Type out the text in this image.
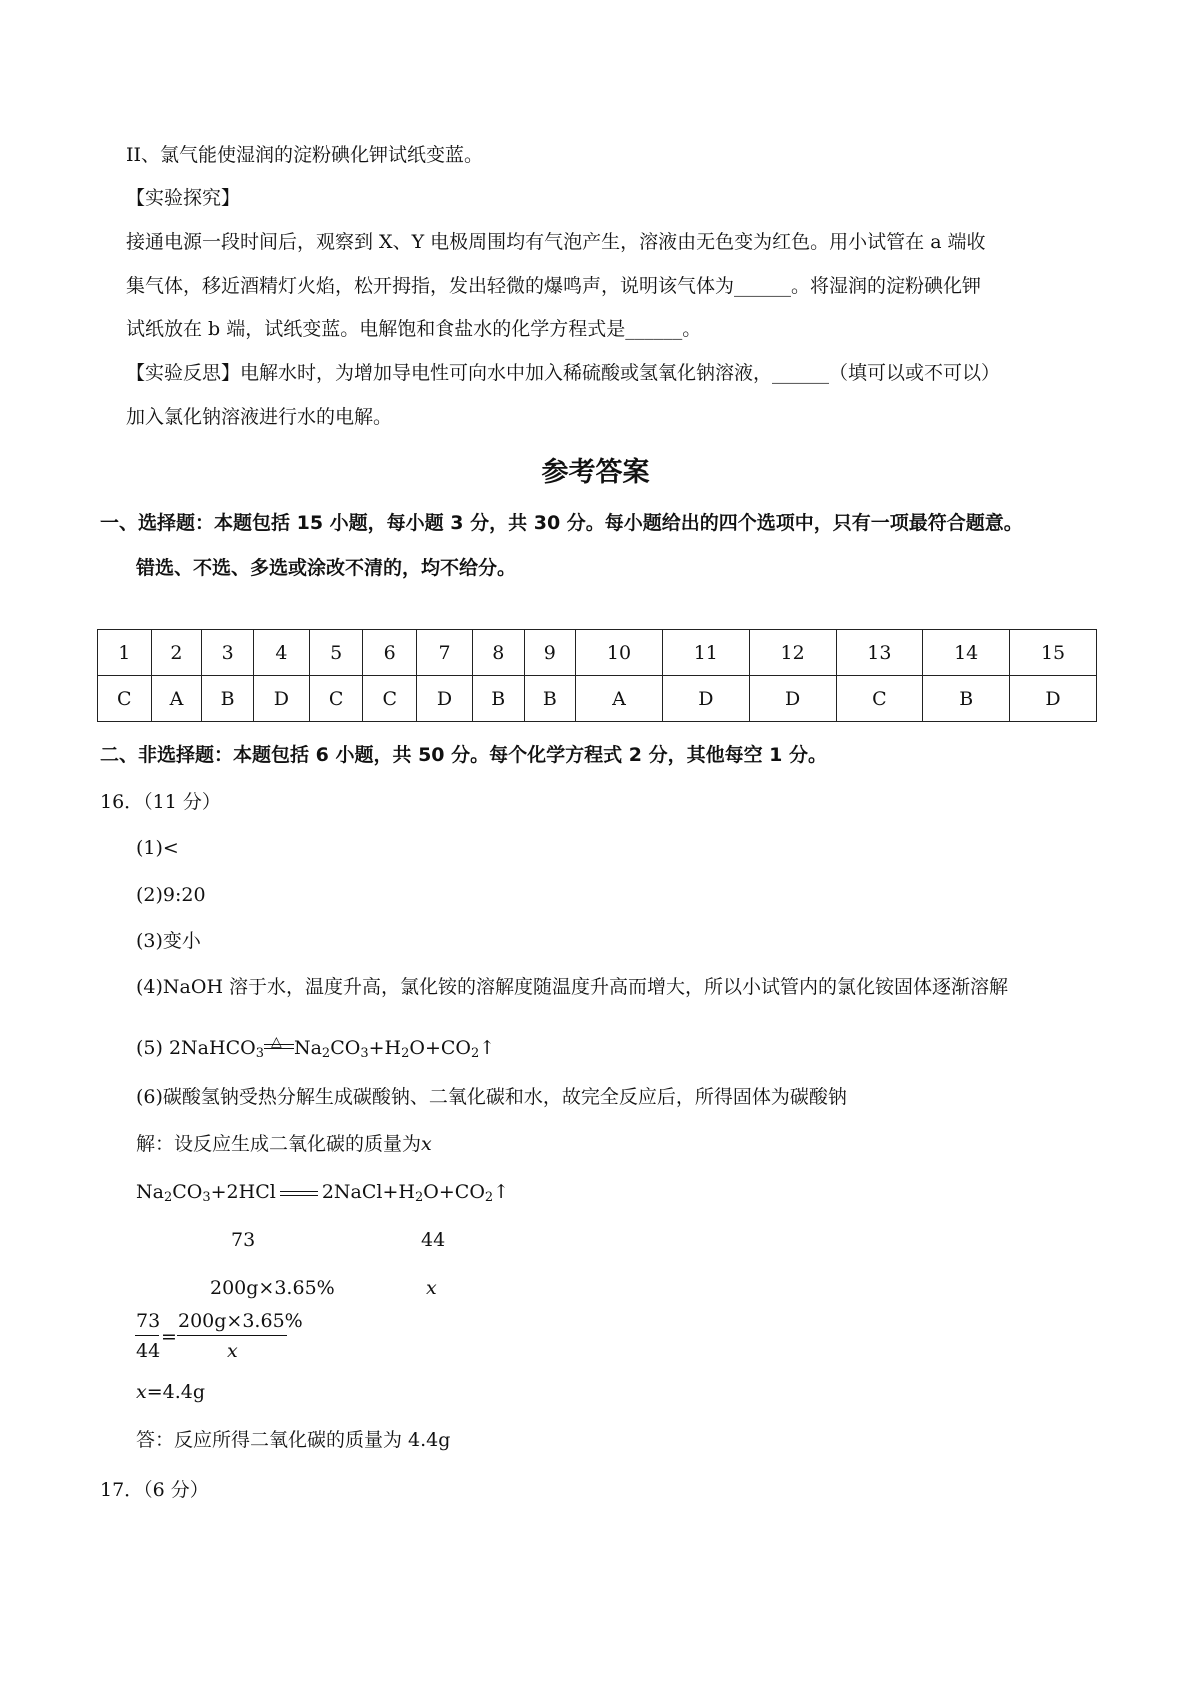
II、氯气能使湿润的淀粉碘化钾试纸变蓝。
【实验探究】
接通电源一段时间后，观察到 X、Y 电极周围均有气泡产生，溶液由无色变为红色。用小试管在 a 端收
集气体，移近酒精灯火焰，松开拇指，发出轻微的爆鸣声，说明该气体为______。将湿润的淀粉碘化钾
试纸放在 b 端，试纸变蓝。电解饱和食盐水的化学方程式是______。
【实验反思】电解水时，为增加导电性可向水中加入稀硫酸或氢氧化钠溶液，______（填可以或不可以）
加入氯化钠溶液进行水的电解。
参考答案
一、选择题：本题包括 15 小题，每小题 3 分，共 30 分。每小题给出的四个选项中，只有一项最符合题意。
错选、不选、多选或涂改不清的，均不给分。
1	2	3	4	5	6	7	8	9	10	11	12	13	14	15
C	A	B	D	C	C	D	B	B	A	D	D	C	B	D
二、非选择题：本题包括 6 小题，共 50 分。每个化学方程式 2 分，其他每空 1 分。
16．（11 分）
(1)<
(2)9:20
(3)变小
(4)NaOH 溶于水，温度升高，氯化铵的溶解度随温度升高而增大，所以小试管内的氯化铵固体逐渐溶解
(5) 2NaHCO$_3$
△ $Na_2CO_3+H_2O+CO_2↑$
(6)碳酸氢钠受热分解生成碳酸钠、二氧化碳和水，故完全反应后，所得固体为碳酸钠
解：设反应生成二氧化碳的质量为x
$Na_2CO_3+2HCl$ $2NaCl+H_2O+CO_2↑$
73	44
200g×3.65%	x
73
44
=
200g×3.65%
x
x=4.4g
答：反应所得二氧化碳的质量为 4.4g
17．（6 分）
